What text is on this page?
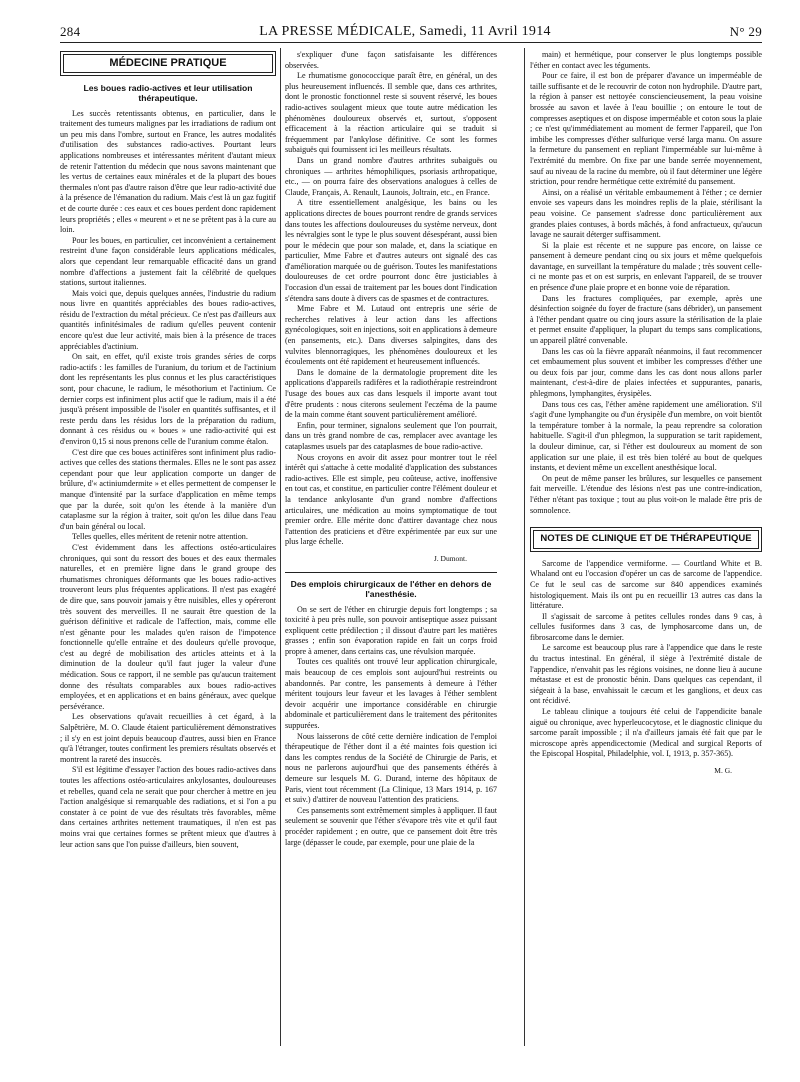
284	LA PRESSE MÉDICALE, Samedi, 11 Avril 1914	N° 29
MÉDECINE PRATIQUE
Les boues radio-actives et leur utilisation thérapeutique.

Les succès retentissants obtenus, en particulier, dans le traitement des tumeurs malignes par les irradiations de radium ont un peu mis dans l'ombre, surtout en France, les autres modalités d'utilisation des substances radio-actives. Pourtant leurs applications nombreuses et intéressantes méritent d'autant mieux de retenir l'attention du médecin que nous savons maintenant que les vertus de certaines eaux minérales et de la plupart des boues thermales n'ont pas d'autre raison d'être que leur radio-activité due à la présence de l'émanation du radium. Mais c'est là un gaz fugitif et de courte durée : ces eaux et ces boues perdent donc rapidement leurs propriétés ; elles « meurent » et ne se prêtent pas à la cure au loin.

Pour les boues, en particulier, cet inconvénient a certainement restreint d'une façon considérable leurs applications médicales, alors que cependant leur remarquable efficacité dans un grand nombre d'affections a justement fait la célébrité de quelques stations, surtout italiennes.

Mais voici que, depuis quelques années, l'industrie du radium nous livre en quantités appréciables des boues radio-actives, résidu de l'extraction du métal précieux. Ce n'est pas d'ailleurs aux quantités infinitésimales de radium qu'elles peuvent contenir encore qu'est due leur activité, mais bien à la présence de traces appréciables d'actinium.

On sait, en effet, qu'il existe trois grandes séries de corps radio-actifs : les familles de l'uranium, du torium et de l'actinium dont les représentants les plus connus et les plus caractéristiques sont, pour chacune, le radium, le mésothorium et l'actinium. Ce dernier corps est infiniment plus actif que le radium, mais il a été jusqu'à présent impossible de l'isoler en quantités suffisantes, et il reste perdu dans les résidus lors de la préparation du radium, donnant à ces résidus ou « boues » une radio-activité qui est d'environ 0,15 si nous prenons celle de l'uranium comme étalon.

C'est dire que ces boues actinifères sont infiniment plus radio-actives que celles des stations thermales. Elles ne le sont pas assez cependant pour que leur application comporte un danger de brûlure, d'« actiniumdermite » et elles permettent de compenser le manque d'intensité par la surface d'application en même temps que par la durée, soit qu'on les étende à la manière d'un cataplasme sur la région à traiter, soit qu'on les dilue dans l'eau d'un bain général ou local.

Telles quelles, elles méritent de retenir notre attention.

C'est évidemment dans les affections ostéo-articulaires chroniques, qui sont du ressort des boues et des eaux thermales naturelles, et en première ligne dans le grand groupe des rhumatismes chroniques déformants que les boues radio-actives trouveront leurs plus fréquentes applications. Il n'est pas exagéré de dire que, sans pouvoir jamais y être nuisibles, elles y opéreront très souvent des merveilles. Il ne saurait être question de la guérison définitive et radicale de l'affection, mais, comme elle n'est gênante pour les malades qu'en raison de l'impotence fonctionnelle qu'elle entraîne et des douleurs qu'elle provoque, c'est au degré de mobilisation des articles atteints et à la diminution de la douleur qu'il faut juger la valeur d'une médication. Sous ce rapport, il ne semble pas qu'aucun traitement donne des résultats comparables aux boues radio-actives employées, et en applications et en bains généraux, avec quelque persévérance.

Les observations qu'avait recueillies à cet égard, à la Salpêtrière, M. O. Claude étaient particulièrement démonstratives ; il s'y en est joint depuis beaucoup d'autres, aussi bien en France qu'à l'étranger, toutes confirment les premiers résultats observés et montrent la rareté des insuccès.

S'il est légitime d'essayer l'action des boues radio-actives dans toutes les affections ostéo-articulaires ankylosantes, douloureuses et rebelles, quand cela ne serait que pour chercher à mettre en jeu l'action analgésique si remarquable des radiations, et si l'on a pu constater à ce point de vue des résultats très favorables, même dans certaines arthrites nettement traumatiques, il n'en est pas moins vrai que certaines formes se prêtent mieux que d'autres à leur action sans que l'on puisse d'ailleurs, bien souvent,

s'expliquer d'une façon satisfaisante les différences observées.

Le rhumatisme gonococcique paraît être, en général, un des plus heureusement influencés. Il semble que, dans ces arthrites, dont le pronostic fonctionnel reste si souvent réservé, les boues radio-actives soulagent mieux que toute autre médication les phénomènes douloureux observés et, surtout, s'opposent efficacement à la réaction articulaire qui se traduit si fréquemment par l'ankylose définitive. Ce sont les formes subaiguës qui fournissent ici les meilleurs résultats.

Dans un grand nombre d'autres arthrites subaiguës ou chroniques — arthrites hémophiliques, psoriasis arthropatique, etc., — on pourra faire des observations analogues à celles de Claude, Français, A. Renault, Launois, Joltrain, etc., en France.

A titre essentiellement analgésique, les bains ou les applications directes de boues pourront rendre de grands services dans toutes les affections douloureuses du système nerveux, dont les névralgies sont le type le plus souvent désespérant, aussi bien pour le médecin que pour son malade, et, dans la sciatique en particulier, Mme Fabre et d'autres auteurs ont signalé des cas d'amélioration marquée ou de guérison. Toutes les manifestations douloureuses de cet ordre pourront donc être justiciables à l'occasion d'un essai de traitement par les boues dont l'indication s'étendra sans doute à divers cas de spasmes et de contractures.

Mme Fabre et M. Lutaud ont entrepris une série de recherches relatives à leur action dans les affections gynécologiques, soit en injections, soit en applications à demeure (en pansements, etc.). Dans diverses salpingites, dans des vulvites blennorragiques, les phénomènes douloureux et les écoulements ont été rapidement et heureusement influencés.

Dans le domaine de la dermatologie proprement dite les applications d'appareils radifères et la radiothérapie restreindront l'usage des boues aux cas dans lesquels il importe avant tout d'être prudents : nous citerons seulement l'eczéma de la paume de la main comme étant souvent particulièrement amélioré.

Enfin, pour terminer, signalons seulement que l'on pourrait, dans un très grand nombre de cas, remplacer avec avantage les cataplasmes usuels par des cataplasmes de boue radio-active.

Nous croyons en avoir dit assez pour montrer tout le réel intérêt qui s'attache à cette modalité d'application des substances radio-actives. Elle est simple, peu coûteuse, active, inoffensive en tout cas, et constitue, en particulier contre l'élément douleur et la tendance ankylosante d'un grand nombre d'affections articulaires, une médication au moins symptomatique de tout premier ordre. Elle mérite donc d'attirer davantage chez nous l'attention des praticiens et d'être expérimentée par eux sur une plus large échelle.

J. Dumont.
Des emplois chirurgicaux de l'éther en dehors de l'anesthésie.

On se sert de l'éther en chirurgie depuis fort longtemps ; sa toxicité à peu près nulle, son pouvoir antiseptique assez puissant expliquent cette prédilection ; il dissout d'autre part les matières grasses ; enfin son évaporation rapide en fait un corps froid propre à amener, dans certains cas, une révulsion marquée.

Toutes ces qualités ont trouvé leur application chirurgicale, mais beaucoup de ces emplois sont aujourd'hui restreints ou abandonnés. Par contre, les pansements à demeure à l'éther méritent toujours leur faveur et les lavages à l'éther semblent devoir acquérir une importance considérable en chirurgie abdominale et particulièrement dans le traitement des péritonites suppurées.

Nous laisserons de côté cette dernière indication de l'emploi thérapeutique de l'éther dont il a été maintes fois question ici dans les comptes rendus de la Société de Chirurgie de Paris, et nous ne parlerons aujourd'hui que des pansements éthérés à demeure sur lesquels M. G. Durand, interne des hôpitaux de Paris, vient tout récemment (La Clinique, 13 Mars 1914, p. 167 et suiv.) d'attirer de nouveau l'attention des praticiens.

Ces pansements sont extrêmement simples à appliquer. Il faut seulement se souvenir que l'éther s'évapore très vite et qu'il faut procéder rapidement ; en outre, que ce pansement doit être très large (dépasser le coude, par exemple, pour une plaie de la

main) et hermétique, pour conserver le plus longtemps possible l'éther en contact avec les téguments.

Pour ce faire, il est bon de préparer d'avance un imperméable de taille suffisante et de le recouvrir de coton non hydrophile. D'autre part, la région à panser est nettoyée consciencieusement, la peau voisine brossée au savon et lavée à l'eau bouillie ; on entoure le tout de compresses aseptiques et on dispose imperméable et coton sous la plaie ; ce n'est qu'immédiatement au moment de fermer l'appareil, que l'on imbibe les compresses d'éther sulfurique versé larga manu. On assure la fermeture du pansement en repliant l'imperméable sur lui-même à l'extrémité du membre. On fixe par une bande serrée moyennement, sauf au niveau de la racine du membre, où il faut déterminer une légère striction, pour rendre hermétique cette extrémité du pansement.

Ainsi, on a réalisé un véritable embaumement à l'éther ; ce dernier envoie ses vapeurs dans les moindres replis de la plaie, stérilisant la peau voisine. Ce pansement s'adresse donc particulièrement aux grandes plaies contuses, à bords mâchés, à fond anfractueux, qu'aucun lavage ne saurait déterger suffisamment.

Si la plaie est récente et ne suppure pas encore, on laisse ce pansement à demeure pendant cinq ou six jours et même quelquefois davantage, en surveillant la température du malade ; très souvent celle-ci ne monte pas et on est surpris, en enlevant l'appareil, de se trouver en présence d'une plaie propre et en bonne voie de réparation.

Dans les fractures compliquées, par exemple, après une désinfection soignée du foyer de fracture (sans débrider), un pansement à l'éther pendant quatre ou cinq jours assure la stérilisation de la plaie et permet ensuite d'appliquer, la plupart du temps sans complications, un appareil plâtré convenable.

Dans les cas où la fièvre apparaît néanmoins, il faut recommencer cet embaumement plus souvent et imbiber les compresses d'éther une ou deux fois par jour, comme dans les cas dont nous allons parler maintenant, c'est-à-dire de plaies infectées et suppurantes, panaris, phlegmons, lymphangites, érysipèles.

Dans tous ces cas, l'éther amène rapidement une amélioration. S'il s'agit d'une lymphangite ou d'un érysipèle d'un membre, on voit bientôt la température tomber à la normale, la peau reprendre sa coloration habituelle. S'agit-il d'un phlegmon, la suppuration se tarit rapidement, la douleur diminue, car, si l'éther est douloureux au moment de son application sur une plaie, il est très bien toléré au bout de quelques instants, et devient même un excellent anesthésique local.

On peut de même panser les brûlures, sur lesquelles ce pansement fait merveille. L'étendue des lésions n'est pas une contre-indication, l'éther n'étant pas toxique ; tout au plus voit-on le malade être pris de somnolence.

NOTES DE CLINIQUE ET DE THÉRAPEUTIQUE

Sarcome de l'appendice vermiforme. — Courtland White et B. Whaland ont eu l'occasion d'opérer un cas de sarcome de l'appendice. Ce fut le seul cas de sarcome sur 840 appendices examinés histologiquement. Mais ils ont pu en recueillir 13 autres cas dans la littérature.

Il s'agissait de sarcome à petites cellules rondes dans 9 cas, à cellules fusiformes dans 3 cas, de lymphosarcome dans un, de fibrosarcome dans le dernier.

Le sarcome est beaucoup plus rare à l'appendice que dans le reste du tractus intestinal. En général, il siège à l'extrémité distale de l'appendice, n'envahit pas les régions voisines, ne donne lieu à aucune métastase et est de pronostic bénin. Dans quelques cas cependant, il siégeait à la base, envahissait le cæcum et les ganglions, et deux cas ont récidivé.

Le tableau clinique a toujours été celui de l'appendicite banale aiguë ou chronique, avec hyperleucocytose, et le diagnostic clinique du sarcome paraît impossible ; il n'a d'ailleurs jamais été fait que par le microscope après appendicectomie (Medical and surgical Reports of the Episcopal Hospital, Philadelphie, vol. I, 1913, p. 357-365).

M. G.
